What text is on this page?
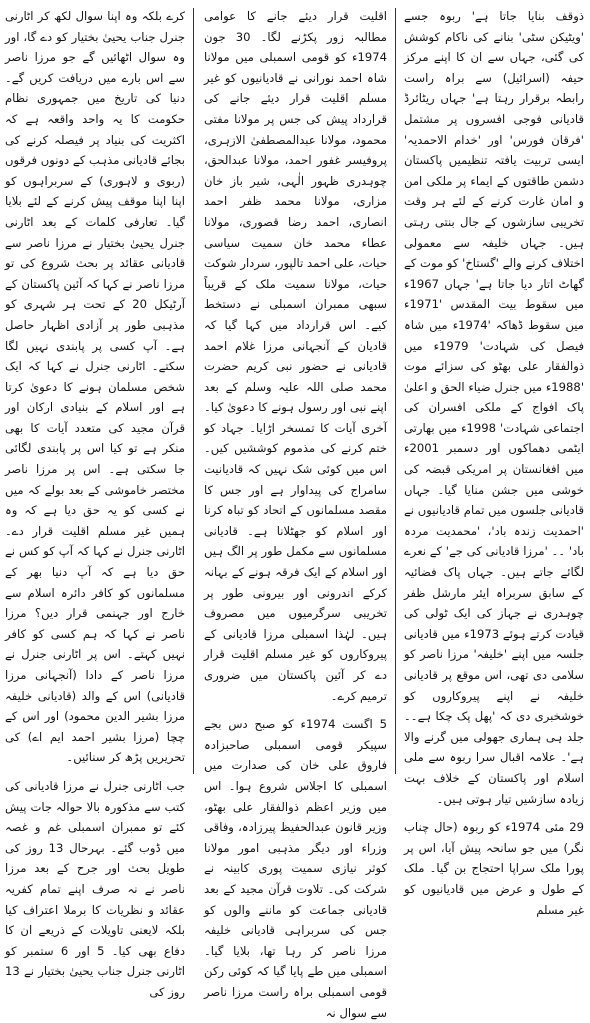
ذوقف بنایا جاتا ہے' ربوہ جسے 'ویٹیکن سٹی' بنانے کی ناکام کوشش کی گئی، جہاں سے ان کا اپنے مرکز حیفہ (اسرائیل) سے براہ راست رابطہ برقرار رہتا ہے' جہاں ریٹائرڈ قادیانی فوجی افسروں پر مشتمل 'فرقان فورس' اور 'خدام الاحمدیہ' ایسی تربیت یافتہ تنظیمیں پاکستان دشمن طاقتوں کے ایماء پر ملکی امن و امان غارت کرنے کے لئے ہر وقت تخریبی سازشوں کے جال بنتی رہتی ہیں۔ جہاں خلیفہ سے معمولی اختلاف کرنے والے 'گستاخ' کو موت کے گھاٹ اتار دیا جاتا ہے' جہاں 1967ء میں سقوط بیت المقدس '1971ء میں سقوط ڈھاکہ '1974ء میں شاہ فیصل کی شہادت' 1979ء میں ذوالفقار علی بھٹو کی سزائے موت '1988ء میں جنرل ضیاء الحق و اعلیٰ پاک افواج کے ملکی افسران کی اجتماعی شہادت' 1998ء میں بھارتی ایٹمی دھماکوں اور دسمبر 2001ء میں افغانستان پر امریکی قبضہ کی خوشی میں جشن منایا گیا۔ جہاں قادیانی جلسوں میں تمام قادیانیوں نے 'احمدیت زندہ باد'، 'محمدیت مردہ باد' ۔۔ 'مرزا قادیانی کی جے' کے نعرے لگائے جاتے ہیں۔ جہاں پاک فضائیہ کے سابق سربراہ ایئر مارشل ظفر چوہدری نے جہاز کی ایک ٹولی کی قیادت کرتے ہوئے 1973ء میں قادیانی جلسہ میں اپنے 'خلیفہ' مرزا ناصر کو سلامی دی تھی، اس موقع پر قادیانی خلیفہ نے اپنے پیروکاروں کو خوشخبری دی کہ 'پھل پک چکا ہے۔۔ جلد ہی ہماری جھولی میں گرنے والا ہے'۔ علامہ اقبال سرا ربوہ سے ملی اسلام اور پاکستان کے خلاف بہت زیادہ سازشیں تیار ہوتی ہیں۔

29 مئی 1974ء کو ربوہ (حال چناب نگر) میں جو سانحہ پیش آیا، اس پر پورا ملک سراپا احتجاج بن گیا۔ ملک کے طول و عرض میں قادیانیوں کو غیر مسلم

اقلیت قرار دیئے جانے کا عوامی مطالبہ زور پکڑنے لگا۔ 30 جون 1974ء کو قومی اسمبلی میں مولانا شاہ احمد نورانی نے قادیانیوں کو غیر مسلم اقلیت قرار دیئے جانے کی قرارداد پیش کی جس پر مولانا مفتی محمود، مولانا عبدالمصطفیٰ الازہری، پروفیسر غفور احمد، مولانا عبدالحق، چوہدری ظہور الٰہی، شیر باز خان مزاری، مولانا محمد ظفر احمد انصاری، احمد رضا قصوری، مولانا عطاء محمد خان سمیت سیاسی حیات، علی احمد تالپور، سردار شوکت حیات، مولانا سمیت ملک کے قریباً سبھی ممبران اسمبلی نے دستخط کیے۔ اس قرارداد میں کہا گیا کہ قادیان کے آنجہانی مرزا غلام احمد قادیانی نے حضور نبی کریم حضرت محمد صلی اللہ علیہ وسلم کے بعد اپنے نبی اور رسول ہونے کا دعویٰ کیا۔ آخری آیات کا تمسخر اڑایا۔ جہاد کو ختم کرنے کی مذموم کوششیں کیں۔ اس میں کوئی شک نہیں کہ قادیانیت سامراج کی پیداوار ہے اور جس کا مقصد مسلمانوں کے اتحاد کو تباہ کرنا اور اسلام کو جھٹلانا ہے۔ قادیانی مسلمانوں سے مکمل طور پر الگ ہیں اور اسلام کے ایک فرقہ ہونے کے بہانہ کرکے اندرونی اور بیرونی طور پر تخریبی سرگرمیوں میں مصروف ہیں۔ لہٰذا اسمبلی مرزا قادیانی کے پیروکاروں کو غیر مسلم اقلیت قرار دے کر آئین پاکستان میں ضروری ترمیم کرے۔

5 اگست 1974ء کو صبح دس بجے سپیکر قومی اسمبلی صاحبزادہ فاروق علی خان کی صدارت میں اسمبلی کا اجلاس شروع ہوا۔ اس میں وزیر اعظم ذوالفقار علی بھٹو، وزیر قانون عبدالحفیظ پیرزادہ، وفاقی وزراء اور دیگر مذہبی امور مولانا کوثر نیازی سمیت پوری کابینہ نے شرکت کی۔ تلاوت قرآن مجید کے بعد قادیانی جماعت کو ماننے والوں کو جس کی سربراہی قادیانی خلیفہ مرزا ناصر کر رہا تھا، بلایا گیا۔ اسمبلی میں طے پایا گیا کہ کوئی رکن قومی اسمبلی براہ راست مرزا ناصر سے سوال نہ

کرے بلکہ وہ اپنا سوال لکھ کر اٹارنی جنرل جناب یحییٰ بختیار کو دے گا، اور وہ سوال اٹھائیں گے جو مرزا ناصر سے اس بارے میں دریافت کریں گے۔ دنیا کی تاریخ میں جمہوری نظام حکومت کا یہ واحد واقعہ ہے کہ اکثریت کی بنیاد پر فیصلہ کرنے کی بجائے قادیانی مذہب کے دونوں فرقوں (ربوی و لاہوری) کے سربراہوں کو اپنا اپنا موقف پیش کرنے کے لئے بلایا گیا۔ تعارفی کلمات کے بعد اٹارنی جنرل یحییٰ بختیار نے مرزا ناصر سے قادیانی عقائد پر بحث شروع کی تو مرزا ناصر نے کہا کہ آئین پاکستان کے آرٹیکل 20 کے تحت ہر شہری کو مذہبی طور پر آزادی اظہار حاصل ہے۔ آپ کسی پر پابندی نہیں لگا سکتے۔ اٹارنی جنرل نے کہا کہ ایک شخص مسلمان ہونے کا دعویٰ کرتا ہے اور اسلام کے بنیادی ارکان اور قرآن مجید کی متعدد آیات کا بھی منکر ہے تو کیا اس پر پابندی لگائی جا سکتی ہے۔ اس پر مرزا ناصر مختصر خاموشی کے بعد بولے کہ میں نے کسی کو یہ حق دیا ہے کہ وہ ہمیں غیر مسلم اقلیت قرار دے۔ اٹارنی جنرل نے کہا کہ آپ کو کس نے حق دیا ہے کہ آپ دنیا بھر کے مسلمانوں کو کافر دائرہ اسلام سے خارج اور جہنمی قرار دیں؟ مرزا ناصر نے کہا کہ ہم کسی کو کافر نہیں کہتے۔ اس پر اٹارنی جنرل نے مرزا ناصر کے دادا (آنجہانی مرزا قادیانی) اس کے والد (قادیانی خلیفہ مرزا بشیر الدین محمود) اور اس کے چچا (مرزا بشیر احمد ایم اے) کی تحریریں پڑھ کر سنائیں۔

جب اٹارنی جنرل نے مرزا قادیانی کی کتب سے مذکورہ بالا حوالہ جات پیش کئے تو ممبران اسمبلی غم و غصہ میں ڈوب گئے۔ بہرحال 13 روز کی طویل بحث اور جرح کے بعد مرزا ناصر نے نہ صرف اپنے تمام کفریہ عقائد و نظریات کا برملا اعتراف کیا بلکہ لایعنی تاویلات کے ذریعے ان کا دفاع بھی کیا۔ 5 اور 6 ستمبر کو اٹارنی جنرل جناب یحییٰ بختیار نے 13 روز کی
